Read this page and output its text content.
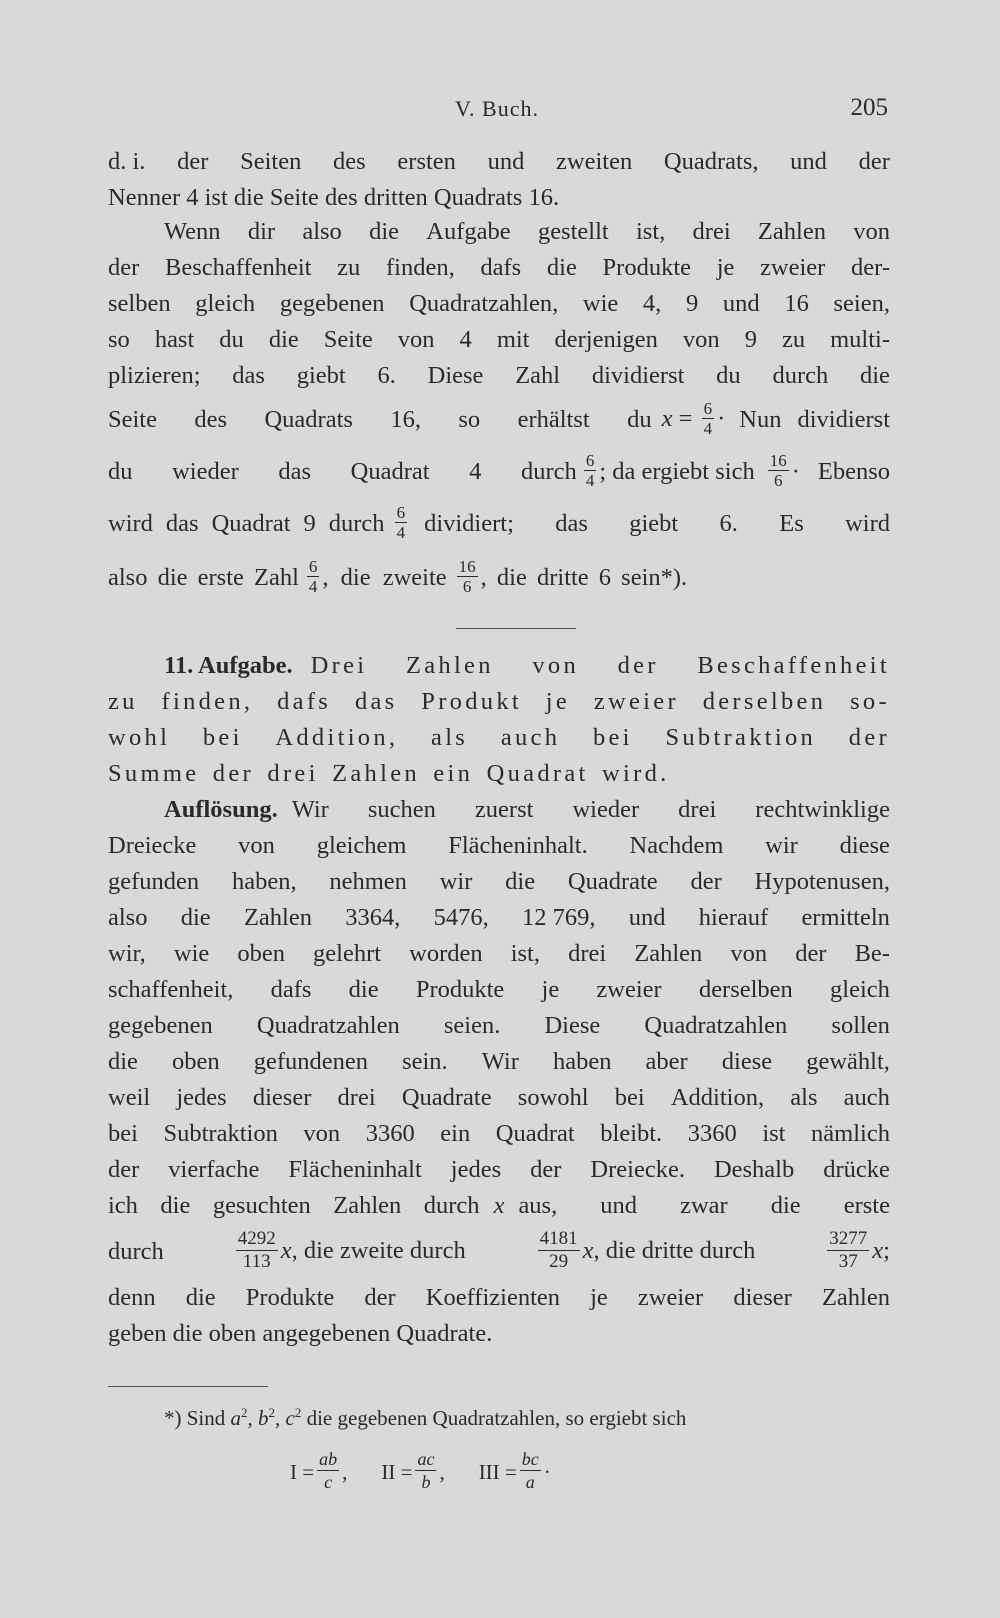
V. Buch.	205
d. i. der Seiten des ersten und zweiten Quadrats, und der
Nenner 4 ist die Seite des dritten Quadrats 16.
Wenn dir also die Aufgabe gestellt ist, drei Zahlen von
der Beschaffenheit zu finden, dafs die Produkte je zweier der-
selben gleich gegebenen Quadratzahlen, wie 4, 9 und 16 seien,
so hast du die Seite von 4 mit derjenigen von 9 zu multi-
plizieren; das giebt 6. Diese Zahl dividierst du durch die
Seite des Quadrats 16, so erhältst du $x = \frac{6}{4}$ · Nun dividierst
du wieder das Quadrat 4 durch $\frac{6}{4}$ ; da ergiebt sich $\frac{16}{6}$ · Ebenso
wird das Quadrat 9 durch $\frac{6}{4}$ dividiert; das giebt 6. Es wird
also die erste Zahl $\frac{6}{4}$ , die zweite $\frac{16}{6}$ , die dritte 6 sein*).
11. Aufgabe. Drei Zahlen von der Beschaffenheit
zu finden, dafs das Produkt je zweier derselben so-
wohl bei Addition, als auch bei Subtraktion der
Summe der drei Zahlen ein Quadrat wird.
Auflösung. Wir suchen zuerst wieder drei rechtwinklige
Dreiecke von gleichem Flächeninhalt. Nachdem wir diese
gefunden haben, nehmen wir die Quadrate der Hypotenusen,
also die Zahlen 3364, 5476, 12 769, und hierauf ermitteln
wir, wie oben gelehrt worden ist, drei Zahlen von der Be-
schaffenheit, dafs die Produkte je zweier derselben gleich
gegebenen Quadratzahlen seien. Diese Quadratzahlen sollen
die oben gefundenen sein. Wir haben aber diese gewählt,
weil jedes dieser drei Quadrate sowohl bei Addition, als auch
bei Subtraktion von 3360 ein Quadrat bleibt. 3360 ist nämlich
der vierfache Flächeninhalt jedes der Dreiecke. Deshalb drücke
ich die gesuchten Zahlen durch x aus, und zwar die erste
durch	$\frac{4292}{113} x$, die zweite durch	$\frac{4181}{29} x$, die dritte durch	$\frac{3277}{37} x$;
denn die Produkte der Koeffizienten je zweier dieser Zahlen
geben die oben angegebenen Quadrate.
*) Sind $a^2$, $b^2$, $c^2$ die gegebenen Quadratzahlen, so ergiebt sich
$I = \frac{ab}{c}$ , II = $\frac{ac}{b}$ , III = $\frac{bc}{a}$ ·
